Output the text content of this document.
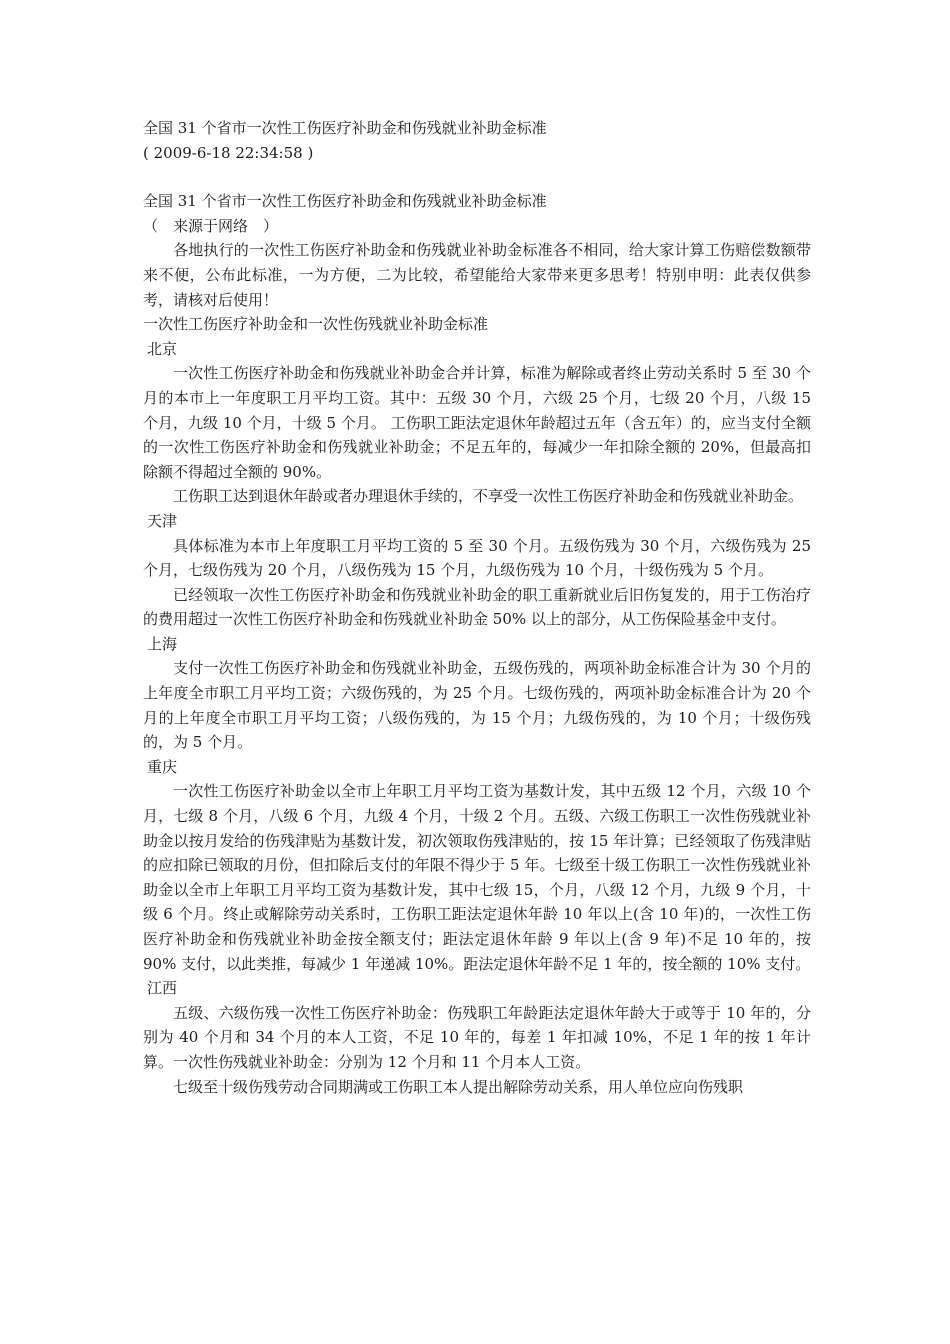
全国 31 个省市一次性工伤医疗补助金和伤残就业补助金标准
( 2009-6-18 22:34:58 )
全国 31 个省市一次性工伤医疗补助金和伤残就业补助金标准
（　来源于网络　）
各地执行的一次性工伤医疗补助金和伤残就业补助金标准各不相同，给大家计算工伤赔偿数额带来不便，公布此标准，一为方便，二为比较，希望能给大家带来更多思考！特别申明：此表仅供参考，请核对后使用！
一次性工伤医疗补助金和一次性伤残就业补助金标准
北京
一次性工伤医疗补助金和伤残就业补助金合并计算，标准为解除或者终止劳动关系时 5 至 30 个月的本市上一年度职工月平均工资。其中：五级 30 个月，六级 25 个月，七级 20 个月，八级 15 个月，九级 10 个月，十级 5 个月。 工伤职工距法定退休年龄超过五年（含五年）的，应当支付全额的一次性工伤医疗补助金和伤残就业补助金；不足五年的，每减少一年扣除全额的 20%，但最高扣除额不得超过全额的 90%。
工伤职工达到退休年龄或者办理退休手续的，不享受一次性工伤医疗补助金和伤残就业补助金。
天津
具体标准为本市上年度职工月平均工资的 5 至 30 个月。五级伤残为 30 个月，六级伤残为 25 个月，七级伤残为 20 个月，八级伤残为 15 个月，九级伤残为 10 个月，十级伤残为 5 个月。
已经领取一次性工伤医疗补助金和伤残就业补助金的职工重新就业后旧伤复发的，用于工伤治疗的费用超过一次性工伤医疗补助金和伤残就业补助金 50% 以上的部分，从工伤保险基金中支付。
上海
支付一次性工伤医疗补助金和伤残就业补助金，五级伤残的，两项补助金标准合计为 30 个月的上年度全市职工月平均工资；六级伤残的，为 25 个月。七级伤残的，两项补助金标准合计为 20 个月的上年度全市职工月平均工资；八级伤残的，为 15 个月；九级伤残的，为 10 个月；十级伤残的，为 5 个月。
重庆
一次性工伤医疗补助金以全市上年职工月平均工资为基数计发，其中五级 12 个月，六级 10 个月，七级 8 个月，八级 6 个月，九级 4 个月，十级 2 个月。五级、六级工伤职工一次性伤残就业补助金以按月发给的伤残津贴为基数计发，初次领取伤残津贴的，按 15 年计算；已经领取了伤残津贴的应扣除已领取的月份，但扣除后支付的年限不得少于 5 年。七级至十级工伤职工一次性伤残就业补助金以全市上年职工月平均工资为基数计发，其中七级 15，个月，八级 12 个月，九级 9 个月，十级 6 个月。终止或解除劳动关系时，工伤职工距法定退休年龄 10 年以上(含 10 年)的，一次性工伤医疗补助金和伤残就业补助金按全额支付；距法定退休年龄 9 年以上(含 9 年)不足 10 年的，按 90% 支付，以此类推，每减少 1 年递减 10%。距法定退休年龄不足 1 年的，按全额的 10% 支付。
江西
五级、六级伤残一次性工伤医疗补助金：伤残职工年龄距法定退休年龄大于或等于 10 年的，分别为 40 个月和 34 个月的本人工资，不足 10 年的，每差 1 年扣减 10%，不足 1 年的按 1 年计算。一次性伤残就业补助金：分别为 12 个月和 11 个月本人工资。
七级至十级伤残劳动合同期满或工伤职工本人提出解除劳动关系，用人单位应向伤残职
